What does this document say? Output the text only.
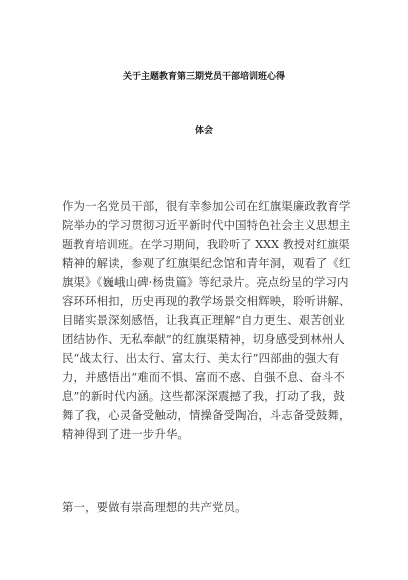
关于主题教育第三期党员干部培训班心得
体会
作为一名党员干部，很有幸参加公司在红旗渠廉政教育学
院举办的学习贯彻习近平新时代中国特色社会主义思想主
题教育培训班。在学习期间，我聆听了 XXX 教授对红旗渠
精神的解读，参观了红旗渠纪念馆和青年洞，观看了《红
旗渠》《巍峨山碑·杨贵篇》等纪录片。亮点纷呈的学习内
容环环相扣，历史再现的教学场景交相辉映，聆听讲解、
目睹实景深刻感悟，让我真正理解“自力更生、艰苦创业
团结协作、无私奉献”的红旗渠精神，切身感受到林州人
民“战太行、出太行、富太行、美太行”四部曲的强大有
力，并感悟出“难而不惧、富而不惑、自强不息、奋斗不
息”的新时代内涵。这些都深深震撼了我，打动了我，鼓
舞了我，心灵备受触动，情操备受陶冶，斗志备受鼓舞，
精神得到了进一步升华。
第一，要做有崇高理想的共产党员。
